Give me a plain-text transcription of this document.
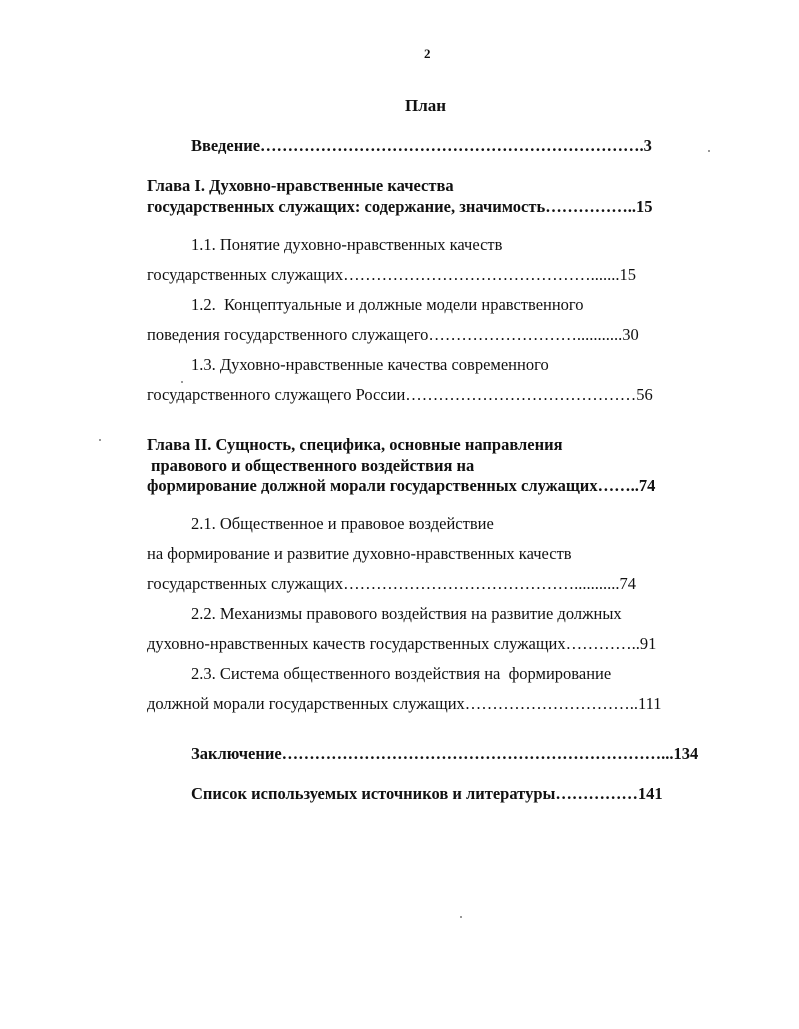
2
План
Введение…………………………………………………………….3
Глава I. Духовно-нравственные качества
государственных служащих: содержание, значимость……………..15
1.1. Понятие духовно-нравственных качеств
государственных служащих……………………………………….......15
1.2.  Концептуальные и должные модели нравственного
поведения государственного служащего………………………...........30
1.3. Духовно-нравственные качества современного
государственного служащего России……………………………………56
Глава II. Сущность, специфика, основные направления
правового и общественного воздействия на
формирование должной морали государственных служащих……..74
2.1. Общественное и правовое воздействие
на формирование и развитие духовно-нравственных качеств
государственных служащих……………………………………...........74
2.2. Механизмы правового воздействия на развитие должных
духовно-нравственных качеств государственных служащих…………..91
2.3. Система общественного воздействия на  формирование
должной морали государственных служащих…………………………..111
Заключение……………………………………………………………...134
Список используемых источников и литературы……………141
